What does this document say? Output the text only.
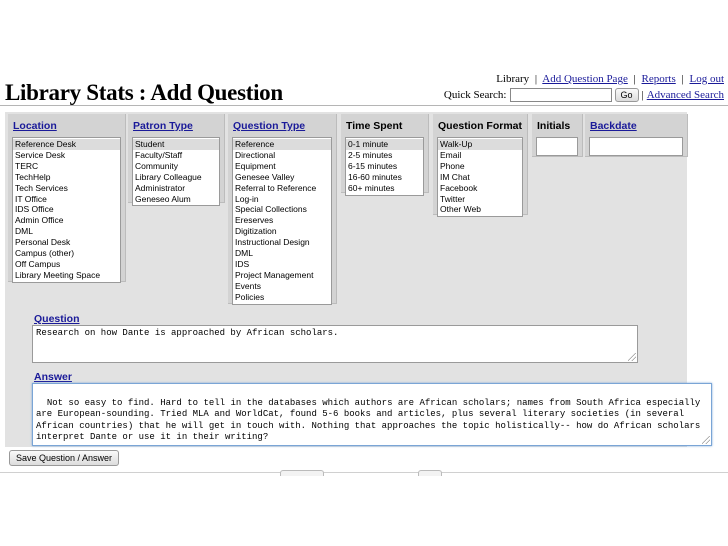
Library | Add Question Page | Reports | Log out
Library Stats : Add Question	Quick Search:	Go | Advanced Search
Location
Reference Desk
Service Desk
TERC
TechHelp
Tech Services
IT Office
IDS Office
Admin Office
DML
Personal Desk
Campus (other)
Off Campus
Library Meeting Space
Patron Type
Student
Faculty/Staff
Community
Library Colleague
Administrator
Geneseo Alum
Question Type
Reference
Directional
Equipment
Genesee Valley
Referral to Reference
Log-in
Special Collections
Ereserves
Digitization
Instructional Design
DML
IDS
Project Management
Events
Policies
Time Spent
0-1 minute
2-5 minutes
6-15 minutes
16-60 minutes
60+ minutes
Question Format
Walk-Up
Email
Phone
IM Chat
Facebook
Twitter
Other Web
Initials	Backdate
Question
Research on how Dante is approached by African scholars.
Answer

Not so easy to find. Hard to tell in the databases which authors are African scholars; names from South Africa especially are European-sounding. Tried MLA and WorldCat, found 5-6 books and articles, plus several literary societies (in several African countries) that he will get in touch with. Nothing that approaches the topic holistically-- how do African scholars interpret Dante or use it in their writing?

Save Question / Answer
